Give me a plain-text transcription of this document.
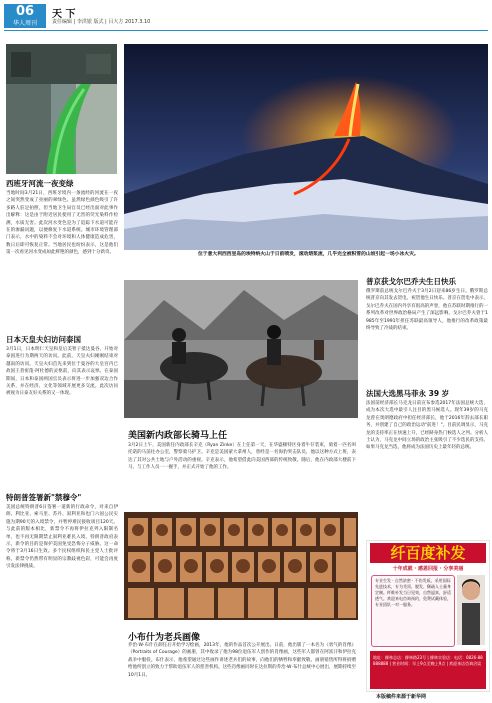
06
华人周刊
天 下
责任编辑 | 李洪银 版式 | 吕大方 2017.3.10
西班牙河流一夜变绿
当地时间3月21日，西班牙境内一条流经的河流在一夜之间突然变成了亮丽的翠绿色。虽然绿色颜色吸引了许多路人驻足拍照，但当地卫生局官员已经出面对此事作出解释：这是由于附近居民使用了无害的荧光染料作检测，水质无害。此次河水变色是为了追踪下水道可能存在的渗漏问题，以便修复下水道系统。城市环境管理部门表示，水中的染料不会对环境和人体健康造成危害，数日后即可恢复正常。当地居民也纷纷表示，这是他们第一次看见河水变成如此鲜艳的颜色，感到十分新奇。
日本天皇夫妇访问泰国
3月1日，日本明仁天皇和皇后美智子抵达曼谷，开始对泰国进行为期两天的访问。此前，天皇夫妇刚刚结束对越南的访问。天皇夫妇首先来到位于曼谷的大皇宫内已故国王普密蓬·阿杜德的灵柩前，向其表示哀悼。在泰国期间，日本和泰国两国官员表示将进一步加强双边合作关系，并在经济、文化等领域开展更多交流。此次访问被视为日泰友好关系的又一体现。
特朗普签署新"禁穆令"
美国总统特朗普6日签署一道新的行政命令，对来自伊朗、利比亚、索马里、苏丹、叙利亚和也门六国公民实施为期90天的入境禁令，并暂停难民接收项目120天。与此前的版本相比，新禁令不再将伊拉克列入限制名单，也不再无限期禁止叙利亚难民入境。特朗普政府表示，新令的目的是保护美国免受恐怖分子威胁。这一命令将于3月16日生效。多个民权组织和民主党人士批评称，新禁令仍然带有明显的宗教歧视色彩，可能会再度引发法律挑战。
位于意大利西西里岛的埃特纳火山于日前喷发，滚动熔浆流，几乎完全被积雪的山坡引起一场小冰火灾。
美国新内政部长骑马上任
3月2日上午，美国新任内政部长辛克（Ryan Zinke）在上任第一天，在华盛顿特区身着牛仔装束，骑着一匹名叫托诺的马前往办公室，警察骑马护卫。辛克是美国蒙大拿州人，曾经是一名海豹突击队员，他以这种方式上班，表达了其对公共土地与户外活动的重视。辛克表示，他希望借此向美国西部的传统致敬。随后，他在内政部大楼前下马，与工作人员一一握手，并正式开始了他的工作。
小布什为老兵画像
乔治·W·布什在卸任后开始学习绘画，2013年，他的作品首次公开展出。日前，他出版了一本名为《勇气的肖像》（Portraits of Courage）的画册，其中收录了他为98位退伍军人创作的肖像画，这些军人都曾在阿富汗和伊拉克战争中服役。布什表示，他希望通过这些画作讲述老兵们的故事，向他们的牺牲和奉献致敬。画册销售所得将捐赠给他所创立的致力于帮助退伍军人的慈善机构。这些肖像画同时在达拉斯的乔治·W·布什总统中心展出，展期持续至10月1日。
普京获戈尔巴乔夫生日快乐
俄罗斯前总统戈尔巴乔夫于3月2日迎来86岁生日。俄罗斯总统普京向其发去贺电，祝贺他生日快乐。普京在贺电中表示，戈尔巴乔夫在国内外享有很高的声誉，他在苏联时期推行的一系列改革对世界政治格局产生了深远影响。戈尔巴乔夫曾于1985年至1991年担任苏联最高领导人，他推行的改革政策最终导致了冷战的结束。
法国大选黑马菲永 39 岁
法国前经济部长马克龙日前宣布参选2017年法国总统大选，成为本次大选中最引人注目的黑马候选人。现年39岁的马克龙曾在奥朗德政府中担任经济部长，他于2016年辞去部长职务，并创建了自己的政治运动"前进！"。目前民调显示，马克龙的支持率正在快速上升，已经跻身热门候选人之列。分析人士认为，马克龙中间立场的政治主张吸引了不少选民的支持。如果马克龙当选，他将成为法国历史上最年轻的总统。
纤百度补发
十年成就 · 感恩回报 · 分享美丽
专业生发 · 自然浓密 · 不伤发质。采用国际先进技术，专为秃顶、脱发、稀疏人士量身定制。纤维补发当日见效，自然逼真，舒适透气。欢迎来电咨询预约，免费试戴体验，专业团队一对一服务。
地址：柳林总店：柳林路23号 | 柳林实验店：电话：0826-88888888 | 营业时间：早上9点至晚上9点 | 欢迎来店咨询洽谈
本版稿件来源于新华网
